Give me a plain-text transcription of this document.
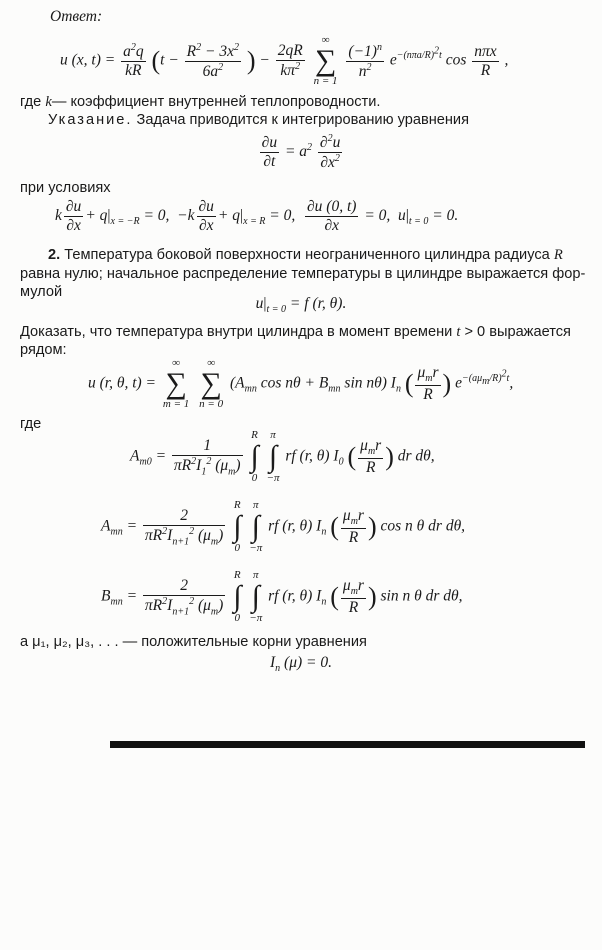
Ответ:
u (x, $t) = \frac{a^2q}{kR} (t - \frac{R^2 - 3x^2}{6a^2}$ ) − $\frac{2qR}{k\pi^2}$

∞
∑
n = 1

$\frac{(-1)^n}{n^2} e^{-(n\pi a/R)^2t}$ $\cos \frac{\text{nπx}}{R}$ ,
где k— коэффициент внутренней теплопроводности.
Указание. Задача приводится к интегрированию уравнения
$\frac{\partial u}{\partial t} = a^2 \frac{\partial^2u}{\partial x^2}$
при условиях
k $\frac{\partial u}{\partial x} + q|_{x = -R} = 0$,  $-k \frac{\partial u}{\partial x} + q|_{x = R} = 0$, $\frac{\partial u (0, t)}{\partial x} = 0$,  $u|_{t = 0} = 0$.
2. Температура боковой поверхности неограниченного цилиндра радиуса R
равна нулю; начальное распределение температуры в цилиндре выражается фор-
мулой
$u|_{t = 0} = f$ (r, θ).
Доказать, что температура внутри цилиндра в момент времени t > 0 выражается
рядом:
u (r, θ, t) =
∞
∑
m = 1

∞
∑
n = 0
($A_{mn}$ $\cos n\theta + B_{mn}$ sin nθ) $I_n$ ( $\frac{\mu_mr}{R}$ ) $e^{-(a\mu_m/R)^2t}$,
где
$A_{m0} = \frac{1}{\pi R^2I_1^2 (\mu_m)}$

R
∫
0

π
∫
−π
rf (r, θ) $I_0$ ( $\frac{\mu_mr}{R}$ ) dr dθ,
$A_{mn} = \frac{2}{\pi R^2I_{n+1}^2 (\mu_m)}$

R
∫
0

π
∫
−π
rf (r, θ) $I_n$ ( $\frac{\mu_mr}{R}$ ) cos n θ dr dθ,
$B_{mn} = \frac{2}{\pi R^2I_{n+1}^2 (\mu_m)}$

R
∫
0

π
∫
−π
rf (r, θ) $I_n$ ( $\frac{\mu_mr}{R}$ ) sin n θ dr dθ,
а μ₁, μ₂, μ₃, . . . — положительные корни уравнения
$I_n$ (μ) = 0.
